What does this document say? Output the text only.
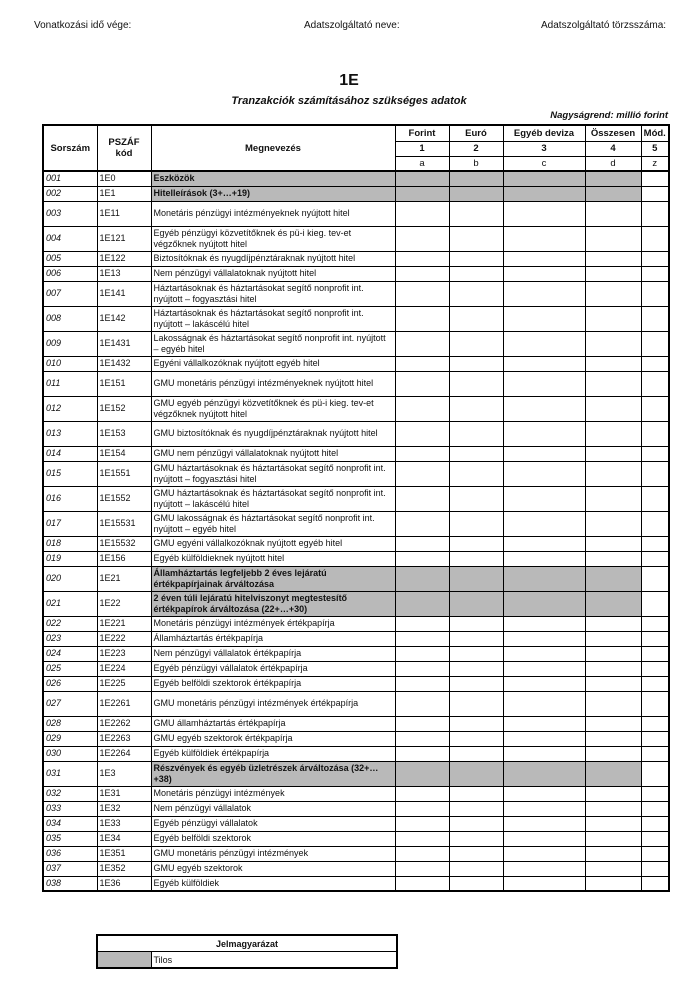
Vonatkozási idő vége:	Adatszolgáltató neve:	Adatszolgáltató törzsszáma:
1E
Tranzakciók számításához szükséges adatok
Nagyságrend: millió forint
Sorszám	PSZÁF kód	Megnevezés	Forint	Euró	Egyéb deviza	Összesen	Mód.
			1	2	3	4	5
			a	b	c	d	z
001	1E0	Eszközök					
002	1E1	Hitelleírások (3+…+19)					
003	1E11	Monetáris pénzügyi intézményeknek nyújtott hitel					
004	1E121	Egyéb pénzügyi közvetítőknek és pü-i kieg. tev-et végzőknek nyújtott hitel					
005	1E122	Biztosítóknak és nyugdíjpénztáraknak nyújtott hitel					
006	1E13	Nem pénzügyi vállalatoknak nyújtott hitel					
007	1E141	Háztartásoknak és háztartásokat segítő nonprofit int. nyújtott – fogyasztási hitel					
008	1E142	Háztartásoknak és háztartásokat segítő nonprofit int. nyújtott – lakáscélú hitel					
009	1E1431	Lakosságnak és háztartásokat segítő nonprofit int. nyújtott – egyéb hitel					
010	1E1432	Egyéni vállalkozóknak nyújtott egyéb hitel					
011	1E151	GMU monetáris pénzügyi intézményeknek nyújtott hitel					
012	1E152	GMU egyéb pénzügyi közvetítőknek és pü-i kieg. tev-et végzőknek nyújtott hitel					
013	1E153	GMU biztosítóknak és nyugdíjpénztáraknak nyújtott hitel					
014	1E154	GMU nem pénzügyi vállalatoknak nyújtott hitel					
015	1E1551	GMU háztartásoknak és háztartásokat segítő nonprofit int. nyújtott – fogyasztási hitel					
016	1E1552	GMU háztartásoknak és háztartásokat segítő nonprofit int. nyújtott – lakáscélú hitel					
017	1E15531	GMU lakosságnak és háztartásokat segítő nonprofit int. nyújtott – egyéb hitel					
018	1E15532	GMU egyéni vállalkozóknak nyújtott egyéb hitel					
019	1E156	Egyéb külföldieknek nyújtott hitel					
020	1E21	Államháztartás legfeljebb 2 éves lejáratú értékpapírjainak árváltozása					
021	1E22	2 éven túli lejáratú hitelviszonyt megtestesítő értékpapírok árváltozása (22+…+30)					
022	1E221	Monetáris pénzügyi intézmények értékpapírja					
023	1E222	Államháztartás értékpapírja					
024	1E223	Nem pénzügyi vállalatok értékpapírja					
025	1E224	Egyéb pénzügyi vállalatok értékpapírja					
026	1E225	Egyéb belföldi szektorok értékpapírja					
027	1E2261	GMU monetáris pénzügyi intézmények értékpapírja					
028	1E2262	GMU államháztartás értékpapírja					
029	1E2263	GMU egyéb szektorok értékpapírja					
030	1E2264	Egyéb külföldiek értékpapírja					
031	1E3	Részvények és egyéb üzletrészek árváltozása (32+…+38)					
032	1E31	Monetáris pénzügyi intézmények					
033	1E32	Nem pénzügyi vállalatok					
034	1E33	Egyéb pénzügyi vállalatok					
035	1E34	Egyéb belföldi szektorok					
036	1E351	GMU monetáris pénzügyi intézmények					
037	1E352	GMU egyéb szektorok					
038	1E36	Egyéb külföldiek					
Jelmagyarázat
	Tilos
